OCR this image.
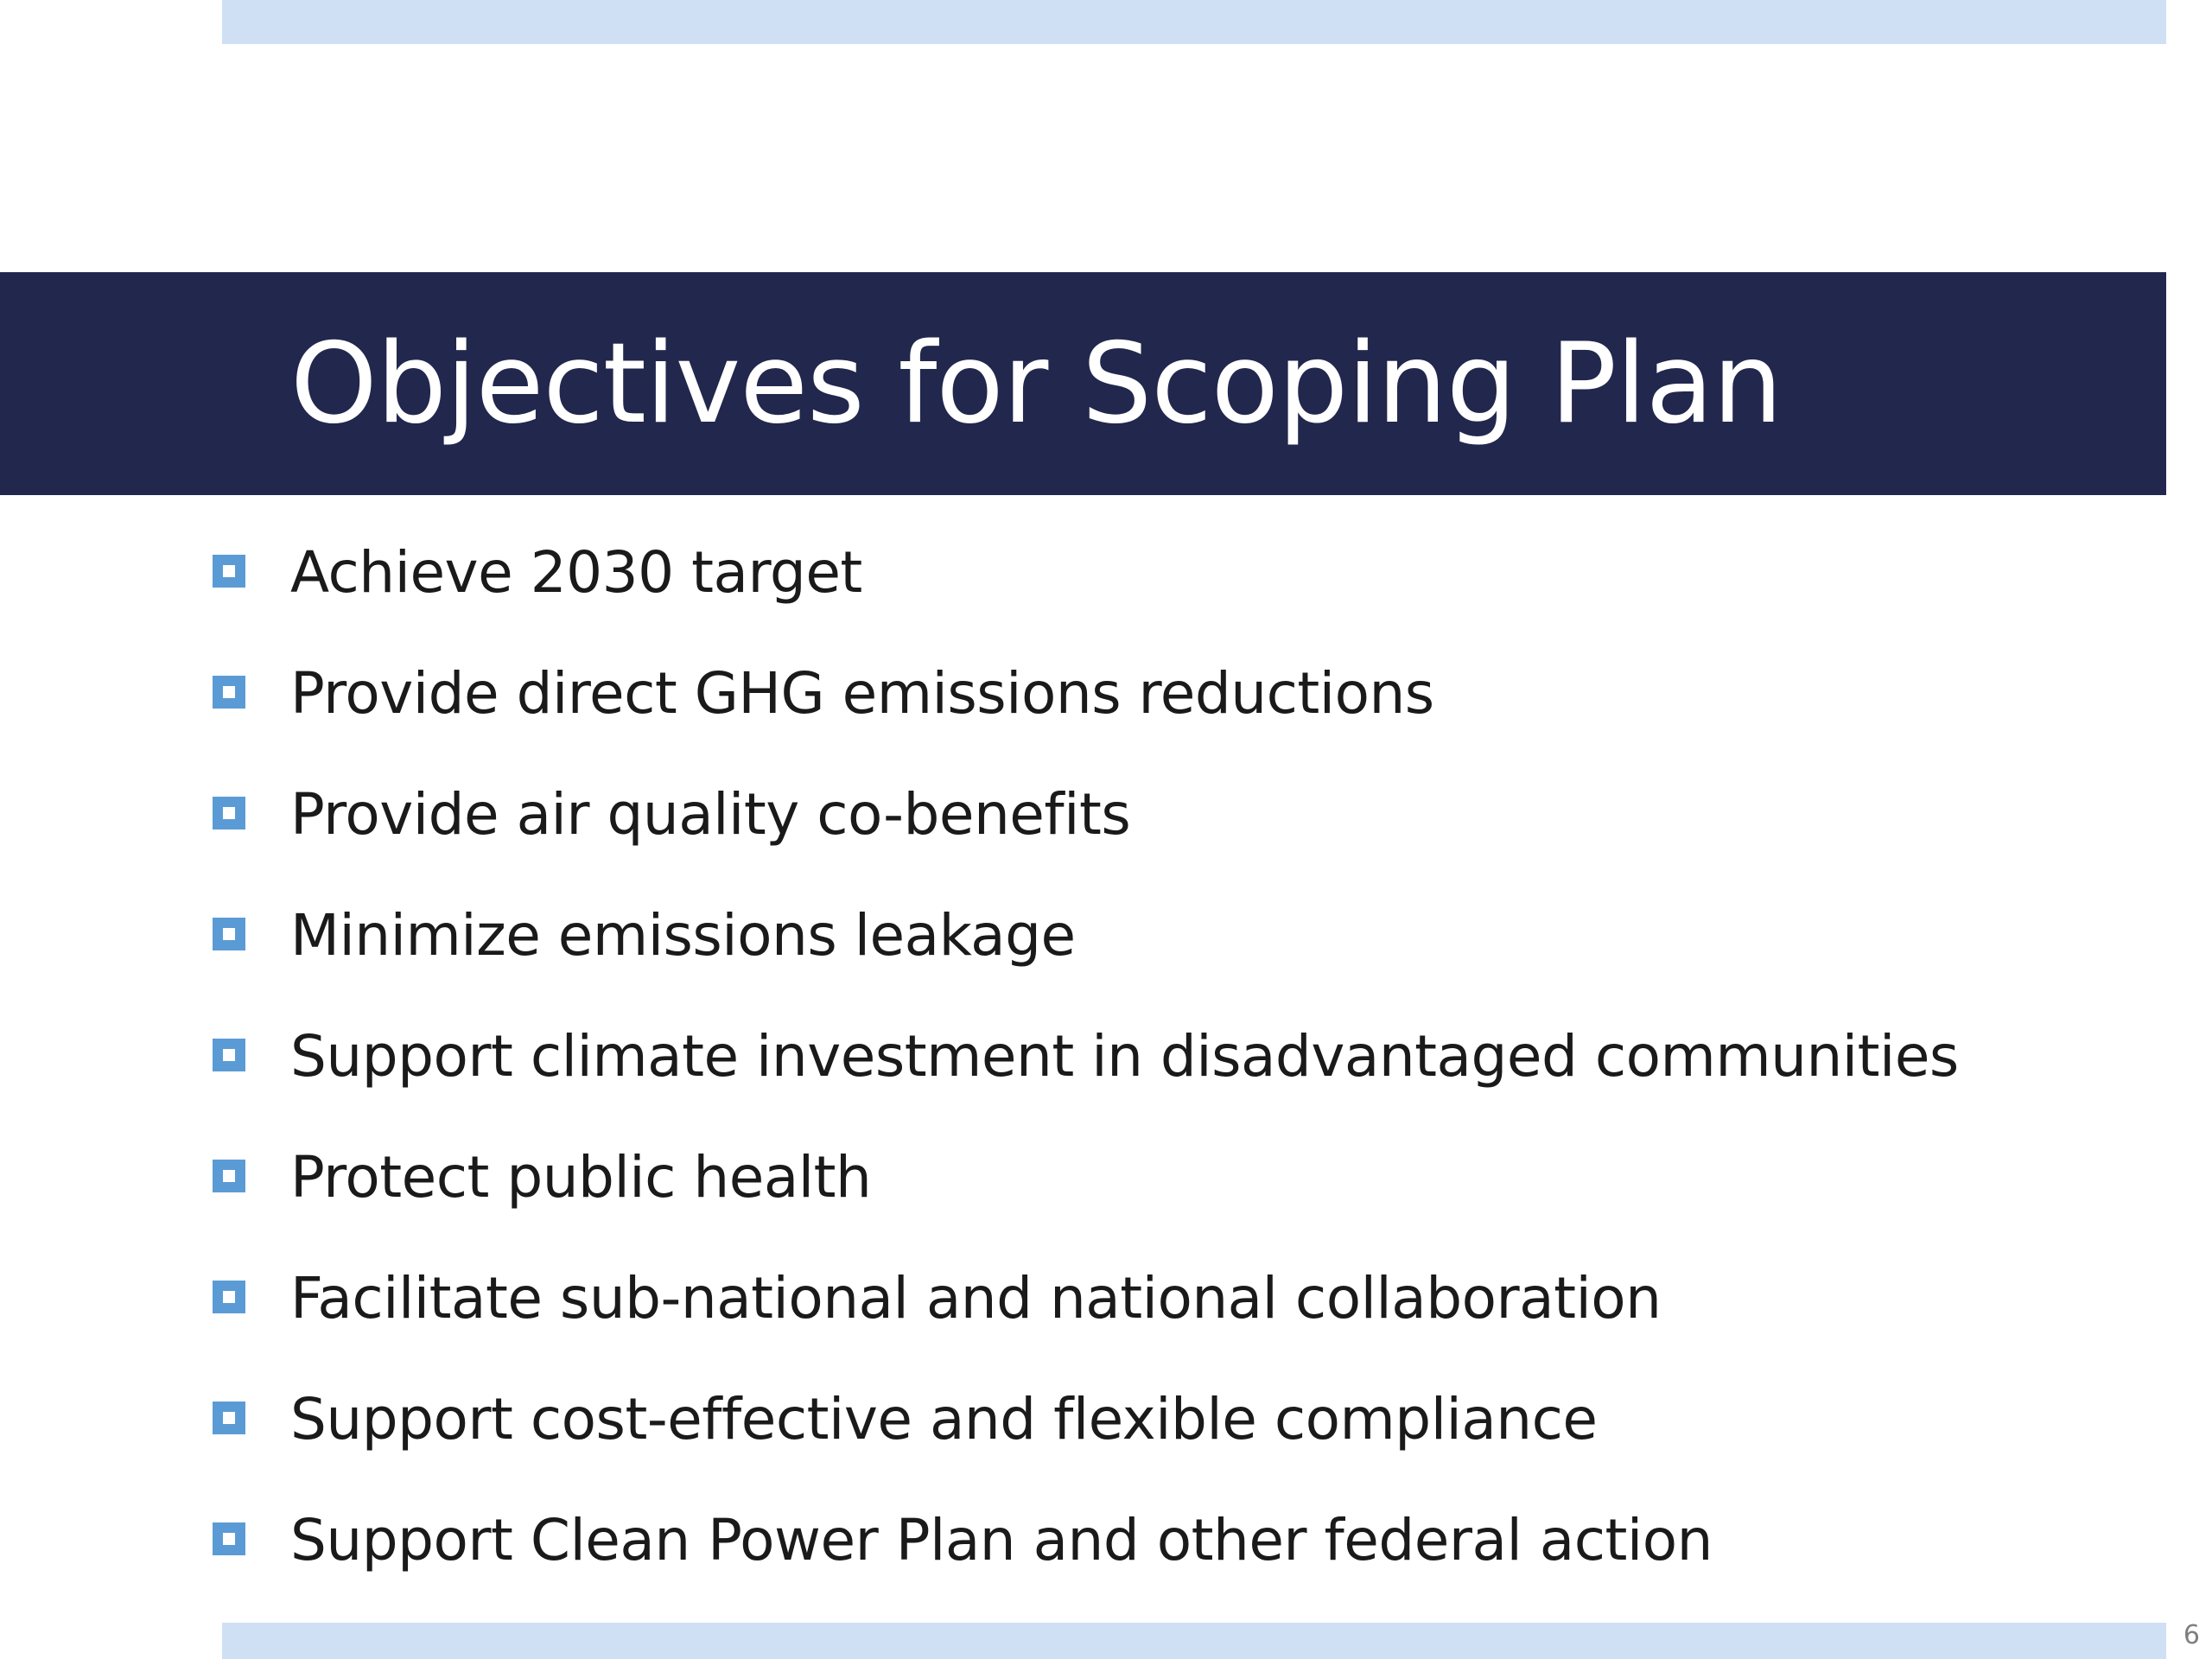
Objectives for Scoping Plan
Achieve 2030 target
Provide direct GHG emissions reductions
Provide air quality co-benefits
Minimize emissions leakage
Support climate investment in disadvantaged communities
Protect public health
Facilitate sub-national and national collaboration
Support cost-effective and flexible compliance
Support Clean Power Plan and other federal action
6
